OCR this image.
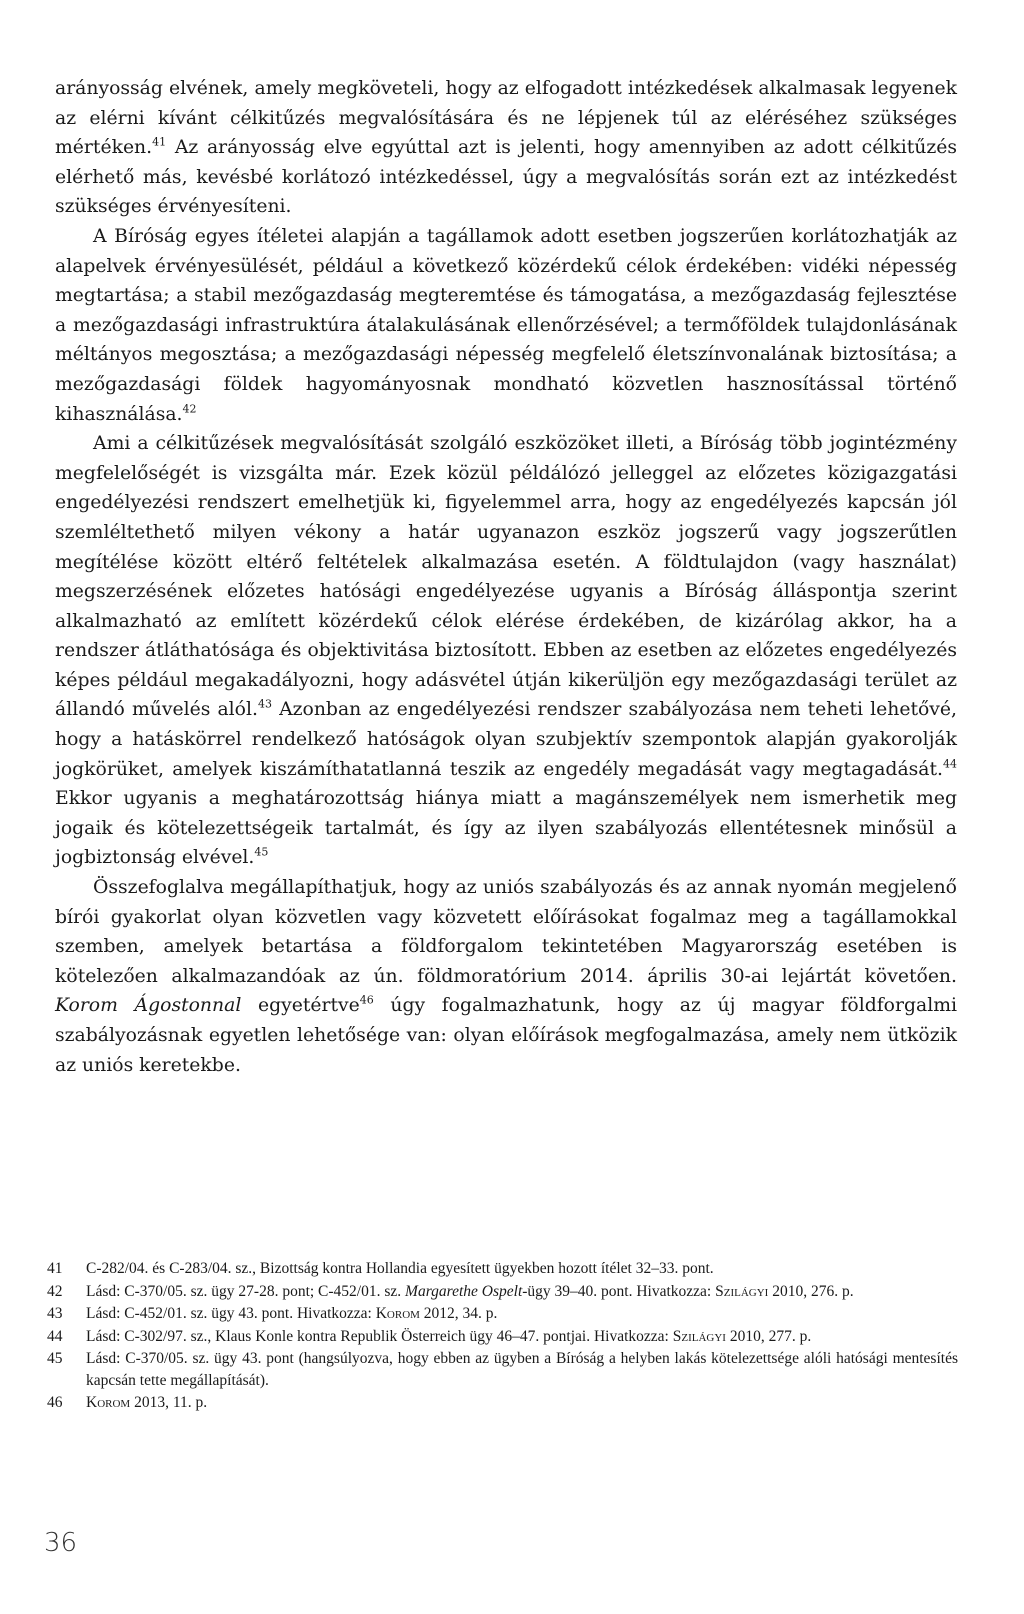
arányosság elvének, amely megköveteli, hogy az elfogadott intézkedések alkalmasak legyenek az elérni kívánt célkitűzés megvalósítására és ne lépjenek túl az eléréséhez szükséges mértéken.$^{41}$ Az arányosság elve egyúttal azt is jelenti, hogy amennyiben az adott célkitűzés elérhető más, kevésbé korlátozó intézkedéssel, úgy a megvalósítás során ezt az intézkedést szükséges érvényesíteni.

A Bíróság egyes ítéletei alapján a tagállamok adott esetben jogszerűen korlátozhatják az alapelvek érvényesülését, például a következő közérdekű célok érdekében: vidéki népesség megtartása; a stabil mezőgazdaság megteremtése és támogatása, a mezőgazdaság fejlesztése a mezőgazdasági infrastruktúra átalakulásának ellenőrzésével; a termőföldek tulajdonlásának méltányos megosztása; a mezőgazdasági népesség megfelelő életszínvonalának biztosítása; a mezőgazdasági földek hagyományosnak mondható közvetlen hasznosítással történő kihasználása.$^{42}$

Ami a célkitűzések megvalósítását szolgáló eszközöket illeti, a Bíróság több jogintézmény megfelelőségét is vizsgálta már. Ezek közül példálózó jelleggel az előzetes közigazgatási engedélyezési rendszert emelhetjük ki, figyelemmel arra, hogy az engedélyezés kapcsán jól szemléltethető milyen vékony a határ ugyanazon eszköz jogszerű vagy jogszerűtlen megítélése között eltérő feltételek alkalmazása esetén. A földtulajdon (vagy használat) megszerzésének előzetes hatósági engedélyezése ugyanis a Bíróság álláspontja szerint alkalmazható az említett közérdekű célok elérése érdekében, de kizárólag akkor, ha a rendszer átláthatósága és objektivitása biztosított. Ebben az esetben az előzetes engedélyezés képes például megakadályozni, hogy adásvétel útján kikerüljön egy mezőgazdasági terület az állandó művelés alól.$^{43}$ Azonban az engedélyezési rendszer szabályozása nem teheti lehetővé, hogy a hatáskörrel rendelkező hatóságok olyan szubjektív szempontok alapján gyakorolják jogkörüket, amelyek kiszámíthatatlanná teszik az engedély megadását vagy megtagadását.$^{44}$ Ekkor ugyanis a meghatározottság hiánya miatt a magánszemélyek nem ismerhetik meg jogaik és kötelezettségeik tartalmát, és így az ilyen szabályozás ellentétesnek minősül a jogbiztonság elvével.$^{45}$

Összefoglalva megállapíthatjuk, hogy az uniós szabályozás és az annak nyomán megjelenő bírói gyakorlat olyan közvetlen vagy közvetett előírásokat fogalmaz meg a tagállamokkal szemben, amelyek betartása a földforgalom tekintetében Magyarország esetében is kötelezően alkalmazandóak az ún. földmoratórium 2014. április 30-ai lejártát követően. Korom Ágostonnal egyetértve$^{46}$ úgy fogalmazhatunk, hogy az új magyar földforgalmi szabályozásnak egyetlen lehetősége van: olyan előírások megfogalmazása, amely nem ütközik az uniós keretekbe.

41	C-282/04. és C-283/04. sz., Bizottság kontra Hollandia egyesített ügyekben hozott ítélet 32–33. pont.
42	Lásd: C-370/05. sz. ügy 27-28. pont; C-452/01. sz. Margarethe Ospelt-ügy 39–40. pont. Hivatkozza: Szilágyi 2010, 276. p.
43	Lásd: C-452/01. sz. ügy 43. pont. Hivatkozza: Korom 2012, 34. p.
44	Lásd: C-302/97. sz., Klaus Konle kontra Republik Österreich ügy 46–47. pontjai. Hivatkozza: Szilágyi 2010, 277. p.
45	Lásd: C-370/05. sz. ügy 43. pont (hangsúlyozva, hogy ebben az ügyben a Bíróság a helyben lakás kötelezettsége alóli hatósági mentesítés kapcsán tette megállapítását).
46	Korom 2013, 11. p.
36
